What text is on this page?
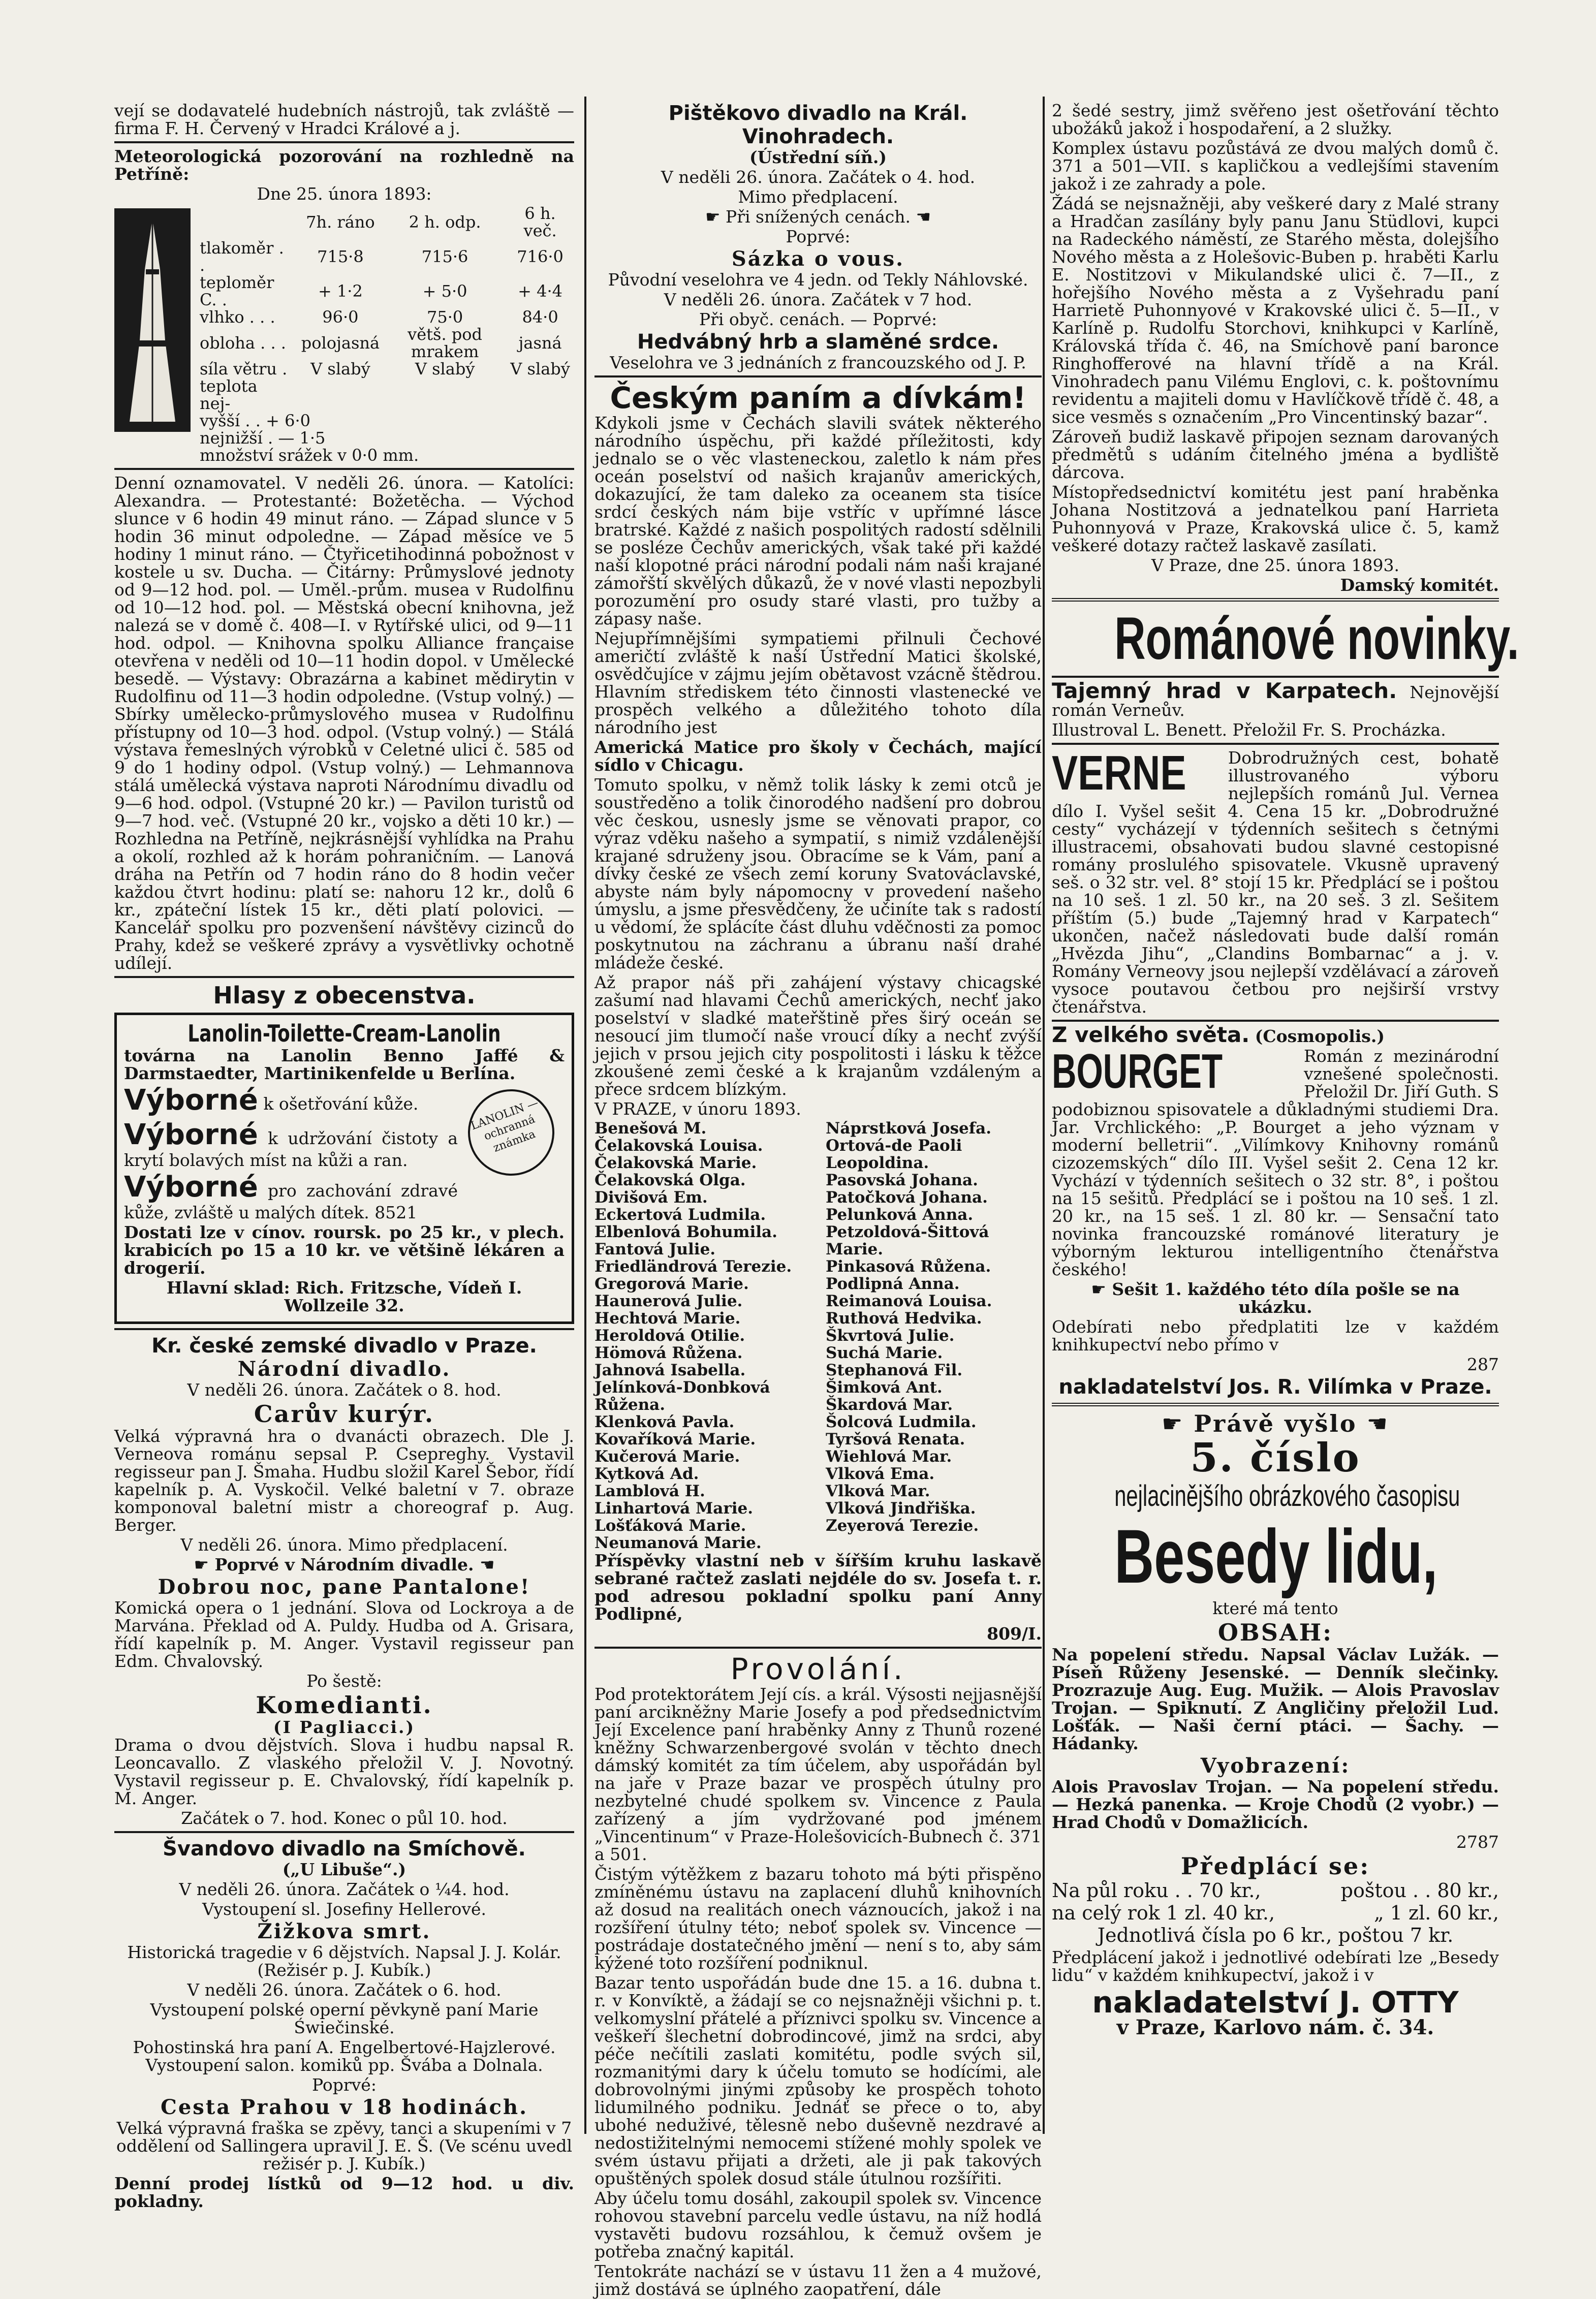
vejí se dodavatelé hudebních nástrojů, tak zvláště — firma F. H. Červený v Hradci Králové a j.

Meteorologická pozorování na rozhledně na Petříně:

Dne 25. února 1893:

	7h. ráno	2 h. odp.	6 h. več.
tlakoměr . .	715·8	715·6	716·0
teploměr C. .	+ 1·2	+ 5·0	+ 4·4
vlhko . . .	96·0	75·0	84·0
obloha . . .	polojasná	větš. pod mrakem	jasná
síla větru .	V slabý	V slabý	V slabý
teplota nej-			
vyšší . . + 6·0			
nejnižší . — 1·5			
množství srážek v 0·0 mm.			

Denní oznamovatel. V neděli 26. února. — Katolíci: Alexandra. — Protestanté: Božetěcha. — Východ slunce v 6 hodin 49 minut ráno. — Západ slunce v 5 hodin 36 minut odpoledne. — Západ měsíce ve 5 hodiny 1 minut ráno. — Čtyřicetihodinná pobožnost v kostele u sv. Ducha. — Čitárny: Průmyslové jednoty od 9—12 hod. pol. — Uměl.-prům. musea v Rudolfinu od 10—12 hod. pol. — Městská obecní knihovna, jež nalezá se v domě č. 408—I. v Rytířské ulici, od 9—11 hod. odpol. — Knihovna spolku Alliance française otevřena v neděli od 10—11 hodin dopol. v Umělecké besedě. — Výstavy: Obrazárna a kabinet mědirytin v Rudolfinu od 11—3 hodin odpoledne. (Vstup volný.) — Sbírky umělecko-průmyslového musea v Rudolfinu přístupny od 10—3 hod. odpol. (Vstup volný.) — Stálá výstava řemeslných výrobků v Celetné ulici č. 585 od 9 do 1 hodiny odpol. (Vstup volný.) — Lehmannova stálá umělecká výstava naproti Národnímu divadlu od 9—6 hod. odpol. (Vstupné 20 kr.) — Pavilon turistů od 9—7 hod. več. (Vstupné 20 kr., vojsko a děti 10 kr.) — Rozhledna na Petříně, nejkrásnější vyhlídka na Prahu a okolí, rozhled až k horám pohraničním. — Lanová dráha na Petřín od 7 hodin ráno do 8 hodin večer každou čtvrt hodinu: platí se: nahoru 12 kr., dolů 6 kr., zpáteční lístek 15 kr., děti platí polovici. — Kancelář spolku pro pozvenšení návštěvy cizinců do Prahy, kdež se veškeré zprávy a vysvětlivky ochotně udílejí.

Hlasy z obecenstva.
Lanolin-Toilette-Cream-Lanolin

továrna na Lanolin Benno Jaffé & Darmstaedter, Martinikenfelde u Berlína.

LANOLIN — ochranná známka

Výborné k ošetřování kůže.

Výborné k udržování čistoty a krytí bolavých míst na kůži a ran.

Výborné pro zachování zdravé kůže, zvláště u malých dítek. 8521

Dostati lze v cínov. roursk. po 25 kr., v plech. krabicích po 15 a 10 kr. ve většině lékáren a drogerií.

Hlavní sklad: Rich. Fritzsche, Vídeň I. Wollzeile 32.

Kr. české zemské divadlo v Praze.
Národní divadlo.

V neděli 26. února. Začátek o 8. hod.

Carův kurýr.

Velká výpravná hra o dvanácti obrazech. Dle J. Verneova románu sepsal P. Csepreghy. Vystavil regisseur pan J. Šmaha. Hudbu složil Karel Šebor, řídí kapelník p. A. Vyskočil. Velké baletní v 7. obraze komponoval baletní mistr a choreograf p. Aug. Berger.

V neděli 26. února. Mimo předplacení.

☛ Poprvé v Národním divadle. ☚

Dobrou noc, pane Pantalone!

Komická opera o 1 jednání. Slova od Lockroya a de Marvána. Překlad od A. Puldy. Hudba od A. Grisara, řídí kapelník p. M. Anger. Vystavil regisseur pan Edm. Chvalovský.

Po šestě:

Komedianti.
(I Pagliacci.)

Drama o dvou dějstvích. Slova i hudbu napsal R. Leoncavallo. Z vlaského přeložil V. J. Novotný. Vystavil regisseur p. E. Chvalovský, řídí kapelník p. M. Anger.

Začátek o 7. hod. Konec o půl 10. hod.

Švandovo divadlo na Smíchově.

(„U Libuše“.)

V neděli 26. února. Začátek o ¼4. hod.

Vystoupení sl. Josefiny Hellerové.

Žižkova smrt.

Historická tragedie v 6 dějstvích. Napsal J. J. Kolár. (Režisér p. J. Kubík.)

V neděli 26. února. Začátek o 6. hod.

Vystoupení polské operní pěvkyně paní Marie Świečinské.

Pohostinská hra paní A. Engelbertové-Hajzlerové. Vystoupení salon. komiků pp. Švába a Dolnala.

Poprvé:

Cesta Prahou v 18 hodinách.

Velká výpravná fraška se zpěvy, tanci a skupeními v 7 oddělení od Sallingera upravil J. E. Š. (Ve scénu uvedl režisér p. J. Kubík.)

Denní prodej lístků od 9—12 hod. u div. pokladny.

Pištěkovo divadlo na Král. Vinohradech.

(Ústřední síň.)

V neděli 26. února. Začátek o 4. hod.

Mimo předplacení.

☛ Při snížených cenách. ☚

Poprvé:

Sázka o vous.

Původní veselohra ve 4 jedn. od Tekly Náhlovské.

V neděli 26. února. Začátek v 7 hod.

Při obyč. cenách. — Poprvé:

Hedvábný hrb a slaměné srdce.

Veselohra ve 3 jednáních z francouzského od J. P.

Českým paním a dívkám!

Kdykoli jsme v Čechách slavili svátek některého národního úspěchu, při každé příležitosti, kdy jednalo se o věc vlasteneckou, zaletlo k nám přes oceán poselství od našich krajanův amerických, dokazující, že tam daleko za oceanem sta tisíce srdcí českých nám bije vstříc v upřímné lásce bratrské. Každé z našich pospolitých radostí sdělnili se posléze Čechův amerických, však také při každé naší klopotné práci národní podali nám naši krajané zámořští skvělých důkazů, že v nové vlasti nepozbyli porozumění pro osudy staré vlasti, pro tužby a zápasy naše.

Nejupřímnějšími sympatiemi přilnuli Čechové američtí zvláště k naší Ústřední Matici školské, osvědčujíce v zájmu jejím obětavost vzácně štědrou. Hlavním střediskem této činnosti vlastenecké ve prospěch velkého a důležitého tohoto díla národního jest

Americká Matice pro školy v Čechách, mající sídlo v Chicagu.

Tomuto spolku, v němž tolik lásky k zemi otců je soustředěno a tolik činorodého nadšení pro dobrou věc českou, usnesly jsme se věnovati prapor, co výraz vděku našeho a sympatií, s nimiž vzdálenější krajané sdruženy jsou. Obracíme se k Vám, paní a dívky české ze všech zemí koruny Svatováclavské, abyste nám byly nápomocny v provedení našeho úmyslu, a jsme přesvědčeny, že učiníte tak s radostí u vědomí, že splácíte část dluhu vděčnosti za pomoc poskytnutou na záchranu a úbranu naší drahé mládeže české.

Až prapor náš při zahájení výstavy chicagské zašumí nad hlavami Čechů amerických, nechť jako poselství v sladké mateřštině přes širý oceán se nesoucí jim tlumočí naše vroucí díky a nechť zvýší jejich v prsou jejich city pospolitosti i lásku k těžce zkoušené zemi české a k krajanům vzdáleným a přece srdcem blízkým.

V PRAZE, v únoru 1893.

Benešová M.
Čelakovská Louisa.
Čelakovská Marie.
Čelakovská Olga.
Divišová Em.
Eckertová Ludmila.
Elbenlová Bohumila.
Fantová Julie.
Friedländrová Terezie.
Gregorová Marie.
Haunerová Julie.
Hechtová Marie.
Heroldová Otilie.
Hömová Růžena.
Jahnová Isabella.
Jelínková-Donbková Růžena.
Klenková Pavla.
Kovaříková Marie.
Kučerová Marie.
Kytková Ad.
Lamblová H.
Linhartová Marie.
Lošťáková Marie.
Neumanová Marie.
Náprstková Josefa.
Ortová-de Paoli Leopoldina.
Pasovská Johana.
Patočková Johana.
Pelunková Anna.
Petzoldová-Šittová Marie.
Pinkasová Růžena.
Podlipná Anna.
Reimanová Louisa.
Ruthová Hedvika.
Škvrtová Julie.
Suchá Marie.
Stephanová Fil.
Šimková Ant.
Škardová Mar.
Šolcová Ludmila.
Tyršová Renata.
Wiehlová Mar.
Vlková Ema.
Vlková Mar.
Vlková Jindřiška.
Zeyerová Terezie.

Příspěvky vlastní neb v šířším kruhu laskavě sebrané račtež zaslati nejdéle do sv. Josefa t. r. pod adresou pokladní spolku paní Anny Podlipné,

809/I.

Provolání.

Pod protektorátem Její cís. a král. Výsosti nejjasnější paní arcikněžny Marie Josefy a pod předsednictvím Její Excelence paní hraběnky Anny z Thunů rozené kněžny Schwarzenbergové svolán v těchto dnech dámský komitét za tím účelem, aby uspořádán byl na jaře v Praze bazar ve prospěch útulny pro nezbytelné chudé spolkem sv. Vincence z Paula zařízený a jím vydržované pod jménem „Vincentinum“ v Praze-Holešovicích-Bubnech č. 371 a 501.

Čistým výtěžkem z bazaru tohoto má býti přispěno zmíněnému ústavu na zaplacení dluhů knihovních až dosud na realitách onech váznoucích, jakož i na rozšíření útulny této; neboť spolek sv. Vincence — postrádaje dostatečného jmění — není s to, aby sám kýžené toto rozšíření podniknul.

Bazar tento uspořádán bude dne 15. a 16. dubna t. r. v Konvíktě, a žádají se co nejsnažněji všichni p. t. velkomyslní přátelé a příznivci spolku sv. Vincence a veškeří šlechetní dobrodincové, jimž na srdci, aby péče nečítili zaslati komitétu, podle svých sil, rozmanitými dary k účelu tomuto se hodícími, ale dobrovolnými jinými způsoby ke prospěch tohoto lidumilného podniku. Jednáť se přece o to, aby ubohé neduživé, tělesně nebo duševně nezdravé a nedostižitelnými nemocemi stížené mohly spolek ve svém ústavu přijati a držeti, ale ji pak takových opuštěných spolek dosud stále útulnou rozšířiti.

Aby účelu tomu dosáhl, zakoupil spolek sv. Vincence rohovou stavební parcelu vedle ústavu, na níž hodlá vystavěti budovu rozsáhlou, k čemuž ovšem je potřeba značný kapitál.

Tentokráte nachází se v ústavu 11 žen a 4 mužové, jimž dostává se úplného zaopatření, dále

2 šedé sestry, jimž svěřeno jest ošetřování těchto ubožáků jakož i hospodaření, a 2 služky.

Komplex ústavu pozůstává ze dvou malých domů č. 371 a 501—VII. s kapličkou a vedlejšími stavením jakož i ze zahrady a pole.

Žádá se nejsnažněji, aby veškeré dary z Malé strany a Hradčan zasílány byly panu Janu Stüdlovi, kupci na Radeckého náměstí, ze Starého města, dolejšího Nového města a z Holešovic-Buben p. hraběti Karlu E. Nostitzovi v Mikulandské ulici č. 7—II., z hořejšího Nového města a z Vyšehradu paní Harrietě Puhonnyové v Krakovské ulici č. 5—II., v Karlíně p. Rudolfu Storchovi, knihkupci v Karlíně, Královská třída č. 46, na Smíchově paní baronce Ringhofferové na hlavní třídě a na Král. Vinohradech panu Vilému Englovi, c. k. poštovnímu revidentu a majiteli domu v Havlíčkově třídě č. 48, a sice vesměs s označením „Pro Vincentinský bazar“.

Zároveň budiž laskavě připojen seznam darovaných předmětů s udáním čitelného jména a bydliště dárcova.

Místopředsednictví komitétu jest paní hraběnka Johana Nostitzová a jednatelkou paní Harrieta Puhonnyová v Praze, Krakovská ulice č. 5, kamž veškeré dotazy račtež laskavě zasílati.

V Praze, dne 25. února 1893.

Damský komitét.

Románové novinky.

Tajemný hrad v Karpatech. Nejnovější román Verneův.

Illustroval L. Benett. Přeložil Fr. S. Procházka.

VERNE	Dobrodružných cest, bohatě illustrovaného výboru nejlepších románů Jul. Vernea dílo I. Vyšel sešit 4. Cena 15 kr. „Dobrodružné cesty“ vycházejí v týdenních sešitech s četnými illustracemi, obsahovati budou slavné cestopisné romány proslulého spisovatele. Vkusně upravený seš. o 32 str. vel. 8° stojí 15 kr. Předplácí se i poštou na 10 seš. 1 zl. 50 kr., na 20 seš. 3 zl. Sešitem příštím (5.) bude „Tajemný hrad v Karpatech“ ukončen, načež následovati bude další román „Hvězda Jihu“, „Clandins Bombarnac“ a j. v. Romány Verneovy jsou nejlepší vzdělávací a zároveň vysoce poutavou četbou pro nejširší vrstvy čtenářstva.

Z velkého světa. (Cosmopolis.)

BOURGET	Román z mezinárodní vznešené společnosti. Přeložil Dr. Jiří Guth. S podobiznou spisovatele a důkladnými studiemi Dra. Jar. Vrchlického: „P. Bourget a jeho význam v moderní belletrii“. „Vilímkovy Knihovny románů cizozemských“ dílo III. Vyšel sešit 2. Cena 12 kr. Vychází v týdenních sešitech o 32 str. 8°, i poštou na 15 sešitů. Předplácí se i poštou na 10 seš. 1 zl. 20 kr., na 15 seš. 1 zl. 80 kr. — Sensační tato novinka francouzské románové literatury je výborným lekturou intelligentního čtenářstva českého!

☛ Sešit 1. každého této díla pošle se na ukázku.

Odebírati nebo předplatiti lze v každém knihkupectví nebo přímo v

287

nakladatelství Jos. R. Vilímka v Praze.
☛ Právě vyšlo ☚
5. číslo
nejlacinějšího obrázkového časopisu
Besedy lidu,

které má tento

OBSAH:

Na popelení středu. Napsal Václav Lužák. — Píseň Růženy Jesenské. — Denník slečinky. Prozrazuje Aug. Eug. Mužik. — Alois Pravoslav Trojan. — Spiknutí. Z Angličiny přeložil Lud. Lošťák. — Naši černí ptáci. — Šachy. — Hádanky.

Vyobrazení:

Alois Pravoslav Trojan. — Na popelení středu. — Hezká panenka. — Kroje Chodů (2 vyobr.) — Hrad Chodů v Domažlicích.

2787

Předplácí se:
Na půl roku . . 70 kr.,	poštou . . 80 kr.,
na celý rok 1 zl. 40 kr.,	„ 1 zl. 60 kr.,

Jednotlivá čísla po 6 kr., poštou 7 kr.

Předplácení jakož i jednotlivé odebírati lze „Besedy lidu“ v každém knihkupectví, jakož i v

nakladatelství J. OTTY

v Praze, Karlovo nám. č. 34.
